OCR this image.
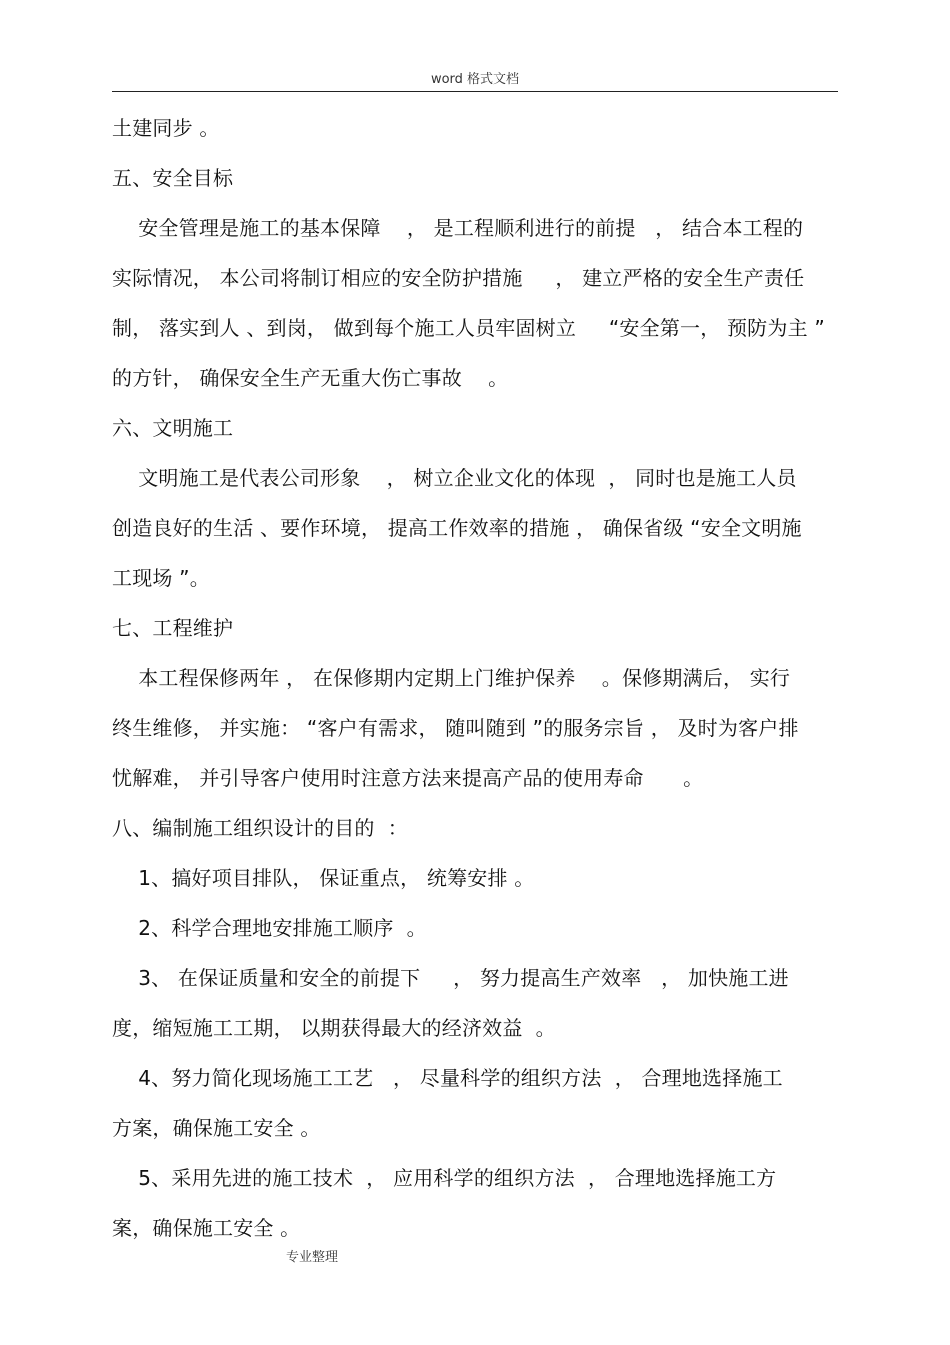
word 格式文档
土建同步 。
五、安全目标
安全管理是施工的基本保障    ， 是工程顺利进行的前提   ， 结合本工程的
实际情况， 本公司将制订相应的安全防护措施     ， 建立严格的安全生产责任
制， 落实到人 、到岗， 做到每个施工人员牢固树立     “安全第一， 预防为主 ”
的方针， 确保安全生产无重大伤亡事故    。
六、文明施工
文明施工是代表公司形象    ， 树立企业文化的体现  ， 同时也是施工人员
创造良好的生活 、要作环境， 提高工作效率的措施 ， 确保省级 “安全文明施
工现场 ”。
七、工程维护
本工程保修两年 ， 在保修期内定期上门维护保养    。保修期满后， 实行
终生维修， 并实施： “客户有需求， 随叫随到 ”的服务宗旨 ， 及时为客户排
忧解难， 并引导客户使用时注意方法来提高产品的使用寿命      。
八、编制施工组织设计的目的  ：
1、搞好项目排队， 保证重点， 统筹安排 。
2、科学合理地安排施工顺序  。
3、 在保证质量和安全的前提下     ， 努力提高生产效率   ， 加快施工进
度，缩短施工工期， 以期获得最大的经济效益  。
4、努力简化现场施工工艺   ， 尽量科学的组织方法  ， 合理地选择施工
方案，确保施工安全 。
5、采用先进的施工技术  ， 应用科学的组织方法  ， 合理地选择施工方
案，确保施工安全 。
专业整理
